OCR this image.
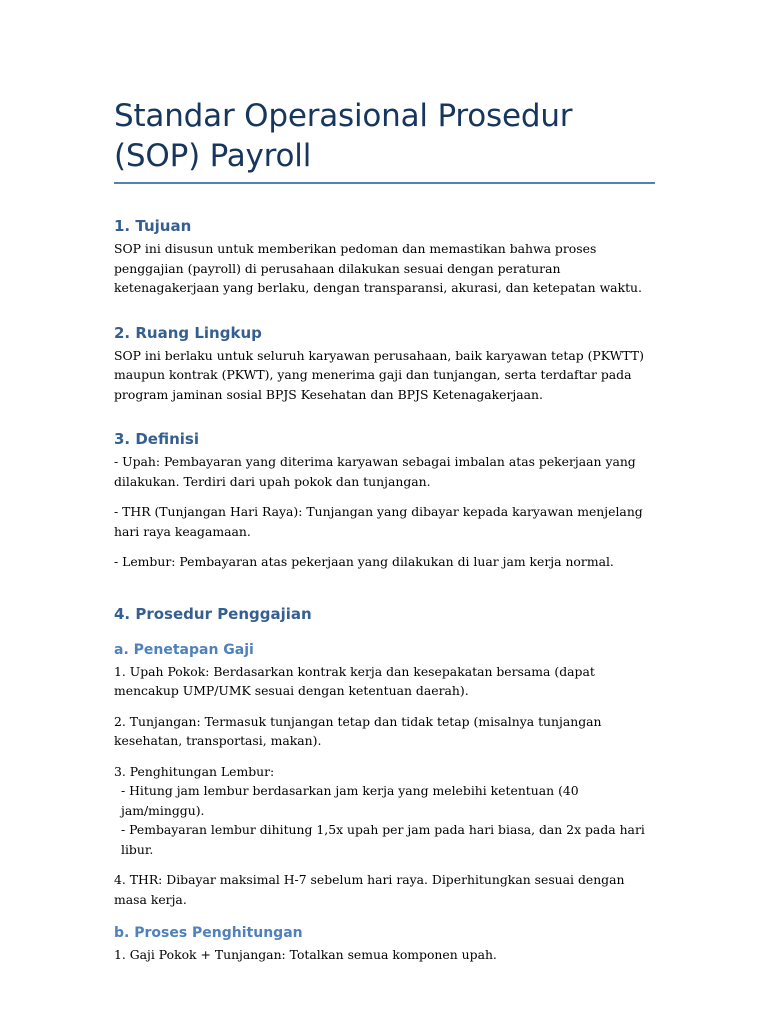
Standar Operasional Prosedur (SOP) Payroll
1. Tujuan

SOP ini disusun untuk memberikan pedoman dan memastikan bahwa proses penggajian (payroll) di perusahaan dilakukan sesuai dengan peraturan ketenagakerjaan yang berlaku, dengan transparansi, akurasi, dan ketepatan waktu.

2. Ruang Lingkup

SOP ini berlaku untuk seluruh karyawan perusahaan, baik karyawan tetap (PKWTT) maupun kontrak (PKWT), yang menerima gaji dan tunjangan, serta terdaftar pada program jaminan sosial BPJS Kesehatan dan BPJS Ketenagakerjaan.

3. Definisi

- Upah: Pembayaran yang diterima karyawan sebagai imbalan atas pekerjaan yang dilakukan. Terdiri dari upah pokok dan tunjangan.

- THR (Tunjangan Hari Raya): Tunjangan yang dibayar kepada karyawan menjelang hari raya keagamaan.

- Lembur: Pembayaran atas pekerjaan yang dilakukan di luar jam kerja normal.

4. Prosedur Penggajian
a. Penetapan Gaji

1. Upah Pokok: Berdasarkan kontrak kerja dan kesepakatan bersama (dapat mencakup UMP/UMK sesuai dengan ketentuan daerah).

2. Tunjangan: Termasuk tunjangan tetap dan tidak tetap (misalnya tunjangan kesehatan, transportasi, makan).

3. Penghitungan Lembur:

- Hitung jam lembur berdasarkan jam kerja yang melebihi ketentuan (40 jam/minggu).

- Pembayaran lembur dihitung 1,5x upah per jam pada hari biasa, dan 2x pada hari libur.

4. THR: Dibayar maksimal H-7 sebelum hari raya. Diperhitungkan sesuai dengan masa kerja.

b. Proses Penghitungan

1. Gaji Pokok + Tunjangan: Totalkan semua komponen upah.
